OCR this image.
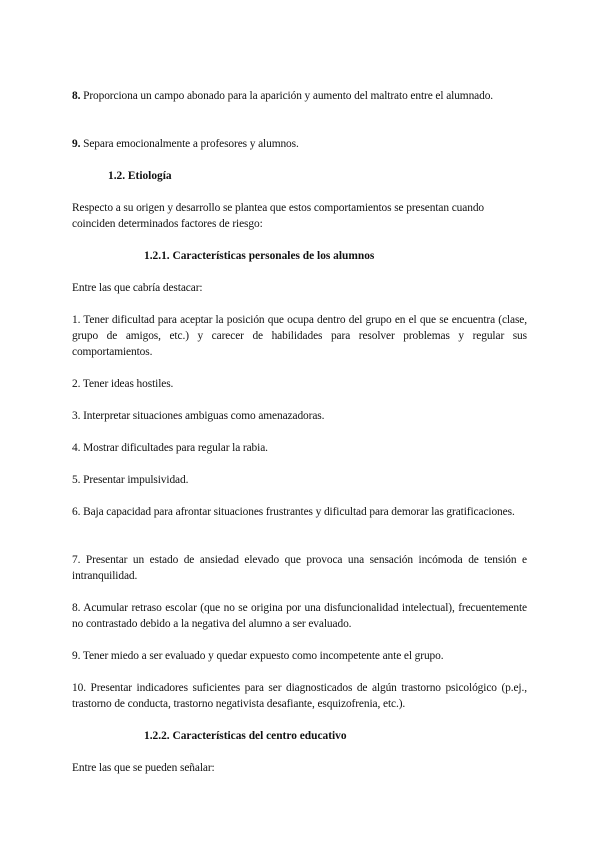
8. Proporciona un campo abonado para la aparición y aumento del maltrato entre el alumnado.

9. Separa emocionalmente a profesores y alumnos.

1.2. Etiología

Respecto a su origen y desarrollo se plantea que estos comportamientos se presentan cuando coinciden determinados factores de riesgo:

1.2.1. Características personales de los alumnos

Entre las que cabría destacar:

1. Tener dificultad para aceptar la posición que ocupa dentro del grupo en el que se encuentra (clase, grupo de amigos, etc.) y carecer de habilidades para resolver problemas y regular sus comportamientos.

2. Tener ideas hostiles.

3. Interpretar situaciones ambiguas como amenazadoras.

4. Mostrar dificultades para regular la rabia.

5. Presentar impulsividad.

6. Baja capacidad para afrontar situaciones frustrantes y dificultad para demorar las gratificaciones.

7. Presentar un estado de ansiedad elevado que provoca una sensación incómoda de tensión e intranquilidad.

8. Acumular retraso escolar (que no se origina por una disfuncionalidad intelectual), frecuentemente no contrastado debido a la negativa del alumno a ser evaluado.

9. Tener miedo a ser evaluado y quedar expuesto como incompetente ante el grupo.

10. Presentar indicadores suficientes para ser diagnosticados de algún trastorno psicológico (p.ej., trastorno de conducta, trastorno negativista desafiante, esquizofrenia, etc.).

1.2.2. Características del centro educativo

Entre las que se pueden señalar:
